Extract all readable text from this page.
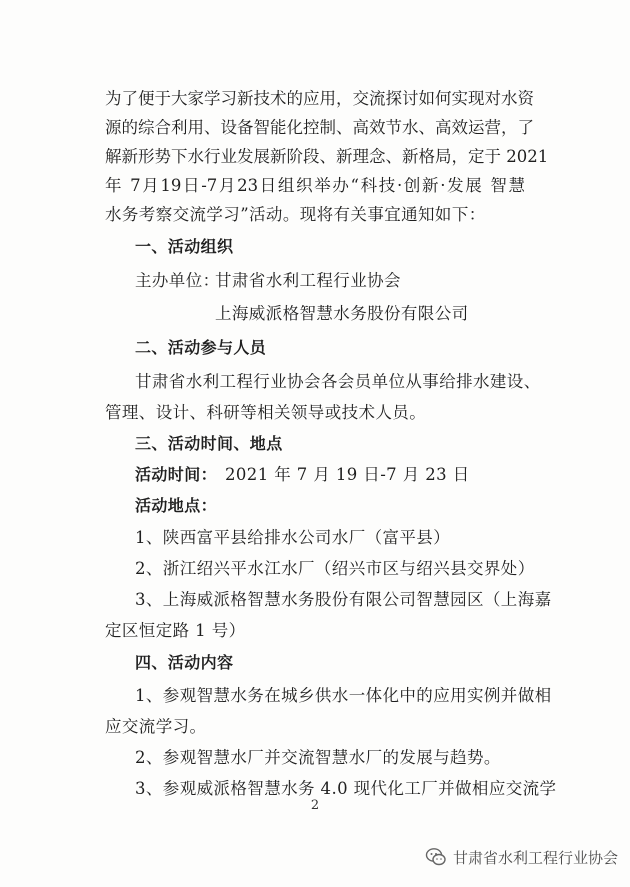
为了便于大家学习新技术的应用，交流探讨如何实现对水资
源的综合利用、设备智能化控制、高效节水、高效运营，了
解新形势下水行业发展新阶段、新理念、新格局，定于 2021
年 7月19日-7月23日组织举办“科技·创新·发展 智慧
水务考察交流学习”活动。现将有关事宜通知如下：
一、活动组织
主办单位：
甘肃省水利工程行业协会
上海威派格智慧水务股份有限公司
二、活动参与人员
甘肃省水利工程行业协会各会员单位从事给排水建设、
管理、设计、科研等相关领导或技术人员。
三、活动时间、地点
活动时间： 2021 年 7 月 19 日-7 月 23 日
活动地点：
1、陕西富平县给排水公司水厂（富平县）
2、浙江绍兴平水江水厂（绍兴市区与绍兴县交界处）
3、上海威派格智慧水务股份有限公司智慧园区（上海嘉
定区恒定路 1 号）
四、活动内容
1、参观智慧水务在城乡供水一体化中的应用实例并做相
应交流学习。
2、参观智慧水厂并交流智慧水厂的发展与趋势。
3、参观威派格智慧水务 4.0 现代化工厂并做相应交流学
2
甘肃省水利工程行业协会
